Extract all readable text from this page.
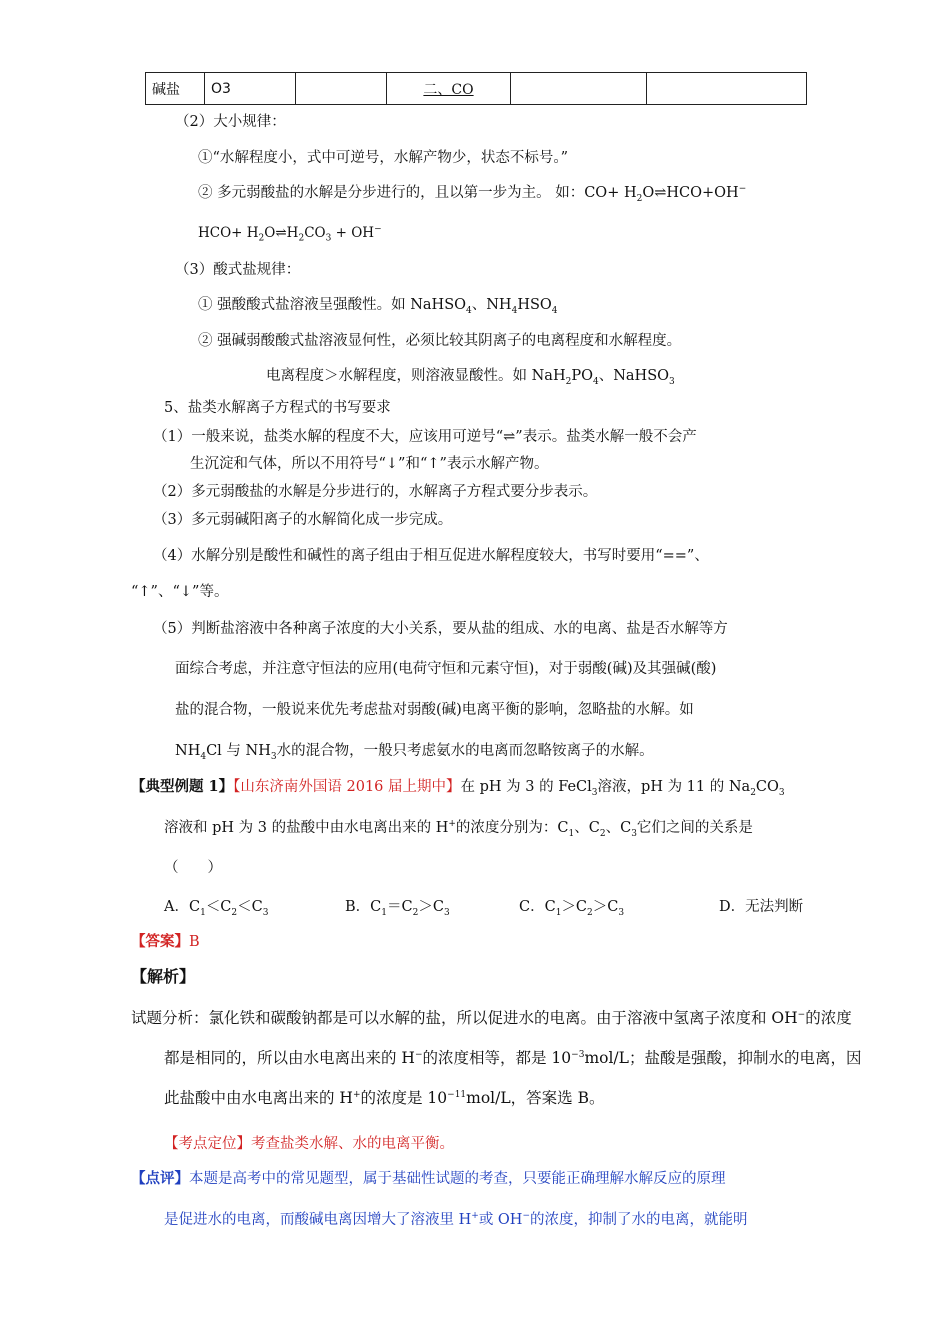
碱盐	O3		二、CO		
（2）大小规律：
①“水解程度小，式中可逆号，水解产物少，状态不标号。”
② 多元弱酸盐的水解是分步进行的，且以第一步为主。 如：$CO+ H_2O\rightleftharpoons HCO+OH^-$
$HCO+ H_2O\rightleftharpoons H_2CO_3 + OH^-$
（3）酸式盐规律：
① 强酸酸式盐溶液呈强酸性。如 NaHSO$_4$、$NH_4HSO_4$
② 强碱弱酸酸式盐溶液显何性，必须比较其阴离子的电离程度和水解程度。
电离程度＞水解程度，则溶液显酸性。如 $NaH_2PO_4$、NaHSO$_3$
5、盐类水解离子方程式的书写要求
（1）一般来说，盐类水解的程度不大，应该用可逆号“⇌”表示。盐类水解一般不会产
生沉淀和气体，所以不用符号“↓”和“↑”表示水解产物。
（2）多元弱酸盐的水解是分步进行的，水解离子方程式要分步表示。
（3）多元弱碱阳离子的水解简化成一步完成。
（4）水解分别是酸性和碱性的离子组由于相互促进水解程度较大，书写时要用“==”、
“↑”、“↓”等。
（5）判断盐溶液中各种离子浓度的大小关系，要从盐的组成、水的电离、盐是否水解等方
面综合考虑，并注意守恒法的应用(电荷守恒和元素守恒)，对于弱酸(碱)及其强碱(酸)
盐的混合物，一般说来优先考虑盐对弱酸(碱)电离平衡的影响，忽略盐的水解。如
$NH_4Cl$ 与 $NH_3$水的混合物，一般只考虑氨水的电离而忽略铵离子的水解。
【典型例题 1】【山东济南外国语 2016 届上期中】在 pH 为 3 的 FeCl$_3$溶液，pH 为 11 的 $Na_2CO_3$
溶液和 pH 为 3 的盐酸中由水电离出来的 H+的浓度分别为：$C_1$、$C_2$、$C_3$它们之间的关系是
（　　）
A．$C_1<C_2<C_3$	B．$C_1=C_2>C_3$	C．$C_1>C_2>C_3$	D．无法判断
【答案】B
【解析】
试题分析：氯化铁和碳酸钠都是可以水解的盐，所以促进水的电离。由于溶液中氢离子浓度和 OH−的浓度
都是相同的，所以由水电离出来的 H−的浓度相等，都是 $10^{-3}mol/L$；盐酸是强酸，抑制水的电离，因
此盐酸中由水电离出来的 H+的浓度是 $10^{-11}mol/L$，答案选 B。
【考点定位】考查盐类水解、水的电离平衡。
【点评】本题是高考中的常见题型，属于基础性试题的考查，只要能正确理解水解反应的原理
是促进水的电离，而酸碱电离因增大了溶液里 H+或 OH−的浓度，抑制了水的电离，就能明
